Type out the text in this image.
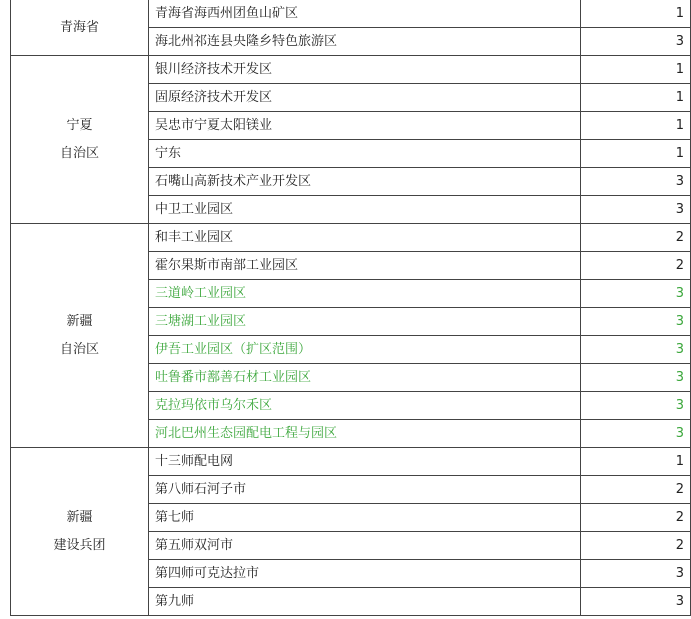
青海省	青海省海西州团鱼山矿区	1
	海北州祁连县央隆乡特色旅游区	3

宁夏
自治区	银川经济技术开发区	1
	固原经济技术开发区	1
	吴忠市宁夏太阳镁业	1
	宁东	1
	石嘴山高新技术产业开发区	3
	中卫工业园区	3

新疆
自治区	和丰工业园区	2
	霍尔果斯市南部工业园区	2
	三道岭工业园区	3
	三塘湖工业园区	3
	伊吾工业园区（扩区范围）	3
	吐鲁番市鄯善石材工业园区	3
	克拉玛依市乌尔禾区	3
	河北巴州生态园配电工程与园区	3

新疆
建设兵团	十三师配电网	1
	第八师石河子市	2
	第七师	2
	第五师双河市	2
	第四师可克达拉市	3
	第九师	3
